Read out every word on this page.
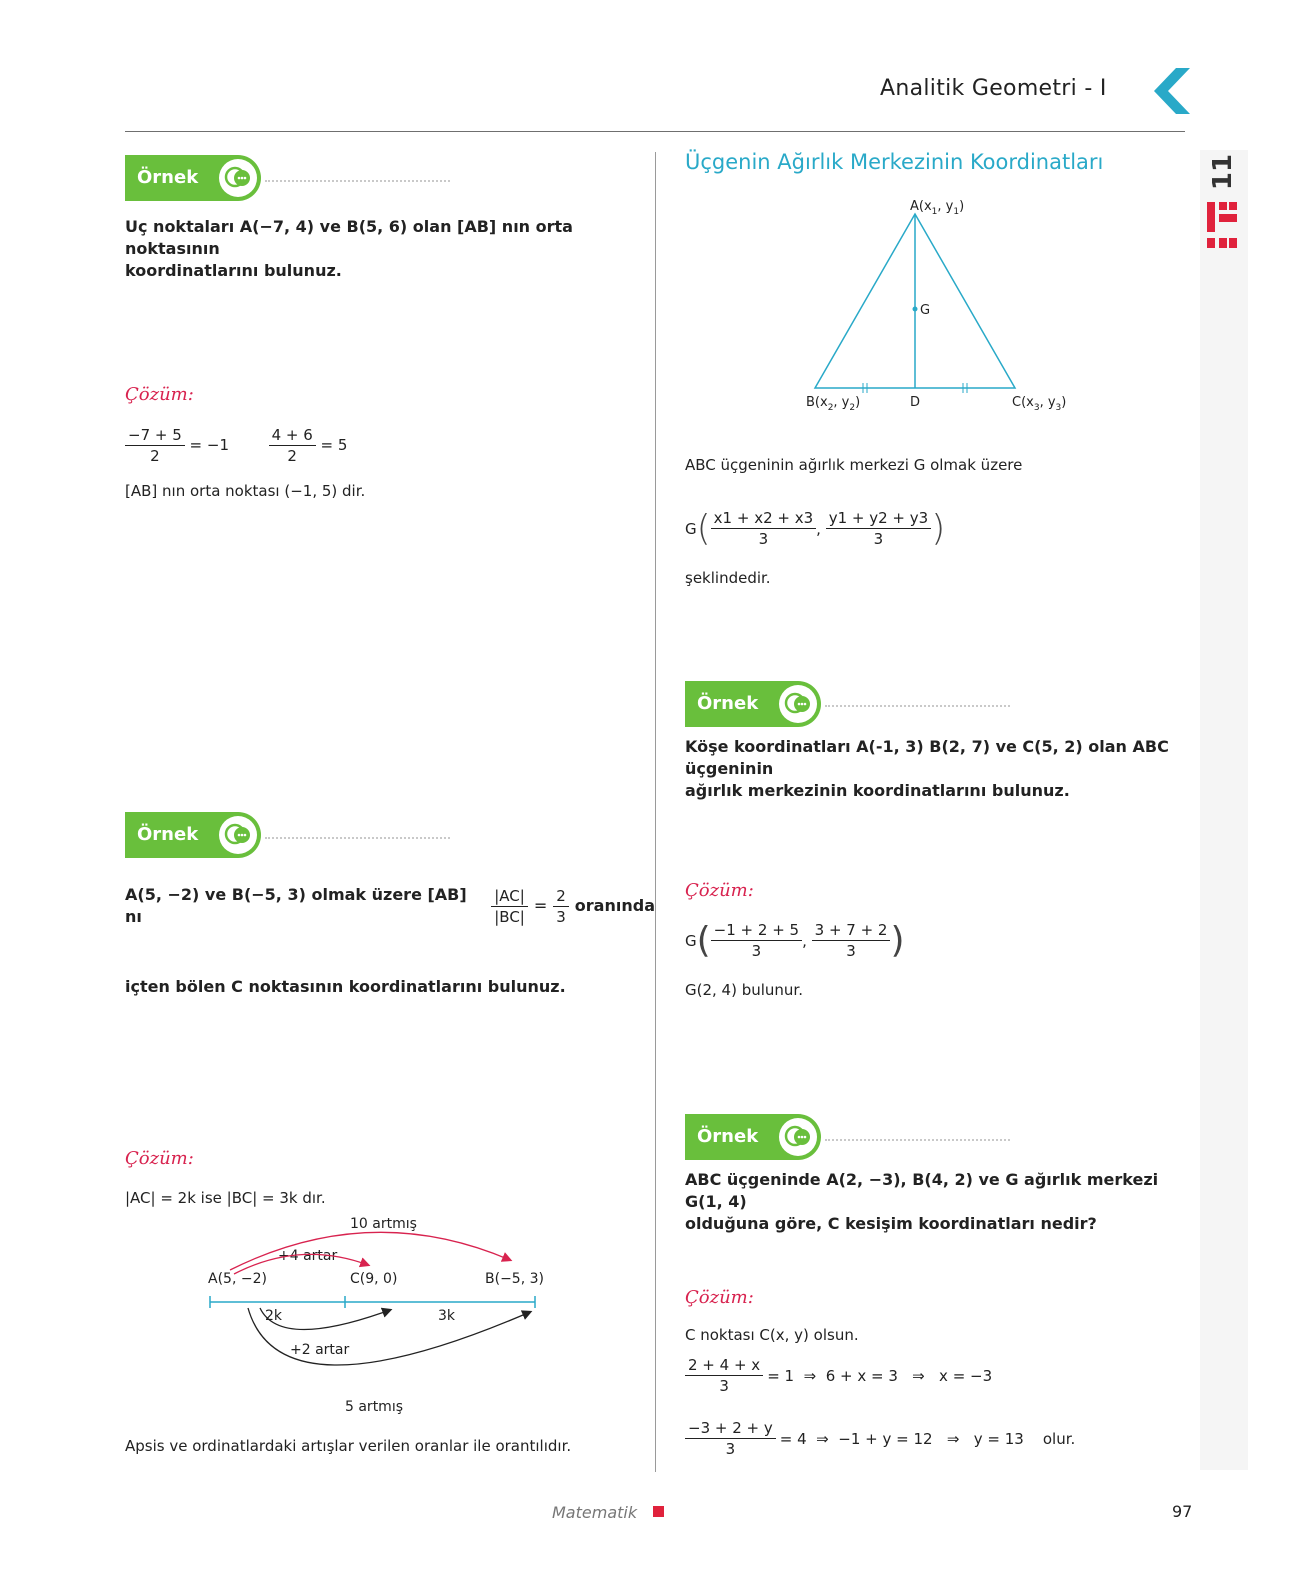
Analitik Geometri - I
11
Örnek
Uç noktaları A(−7, 4) ve B(5, 6) olan [AB] nın orta noktasının
koordinatlarını bulunuz.
Çözüm:
$\frac{-7 + 5}{2} = -1$	$\frac{4 + 6}{2} = 5$
[AB] nın orta noktası (−1, 5) dir.
Örnek
A(5, −2) ve B(−5, 3) olmak üzere [AB] nı	$\frac{|AC|}{|BC|} = \frac{2}{3}$ oranında
içten bölen C noktasının koordinatlarını bulunuz.
Çözüm:
|AC| = 2k ise |BC| = 3k dır.
10 artmış
+4 artar
A(5, −2)	C(9, 0)	B(−5, 3)
2k	3k
+2 artar
5 artmış
Apsis ve ordinatlardaki artışlar verilen oranlar ile orantılıdır.
Üçgenin Ağırlık Merkezinin Koordinatları
G
D
$A(x_1$, $y_1$)
$B(x_2$, $y_2$)	$C(x_3$, $y_3$)
ABC üçgeninin ağırlık merkezi G olmak üzere
G ( $\frac{x1 + x2 + x3}{3}$ , $\frac{y1 + y2 + y3}{3}$ )
şeklindedir.
Örnek
Köşe koordinatları A(-1, 3) B(2, 7) ve C(5, 2) olan ABC üçgeninin
ağırlık merkezinin koordinatlarını bulunuz.
Çözüm:
G ( $\frac{-1 + 2 + 5}{3}$ , $\frac{3 + 7 + 2}{3}$ )
G(2, 4) bulunur.
Örnek
ABC üçgeninde A(2, −3), B(4, 2) ve G ağırlık merkezi G(1, 4)
olduğuna göre, C kesişim koordinatları nedir?
Çözüm:
C noktası C(x, y) olsun.
$\frac{2 + 4 + x}{3} = 1$  ⇒  6 + x = 3   ⇒   x = −3
$\frac{-3 + 2 + y}{3} = 4$  ⇒  −1 + y = 12   ⇒   y = 13    olur.
Matematik	97
